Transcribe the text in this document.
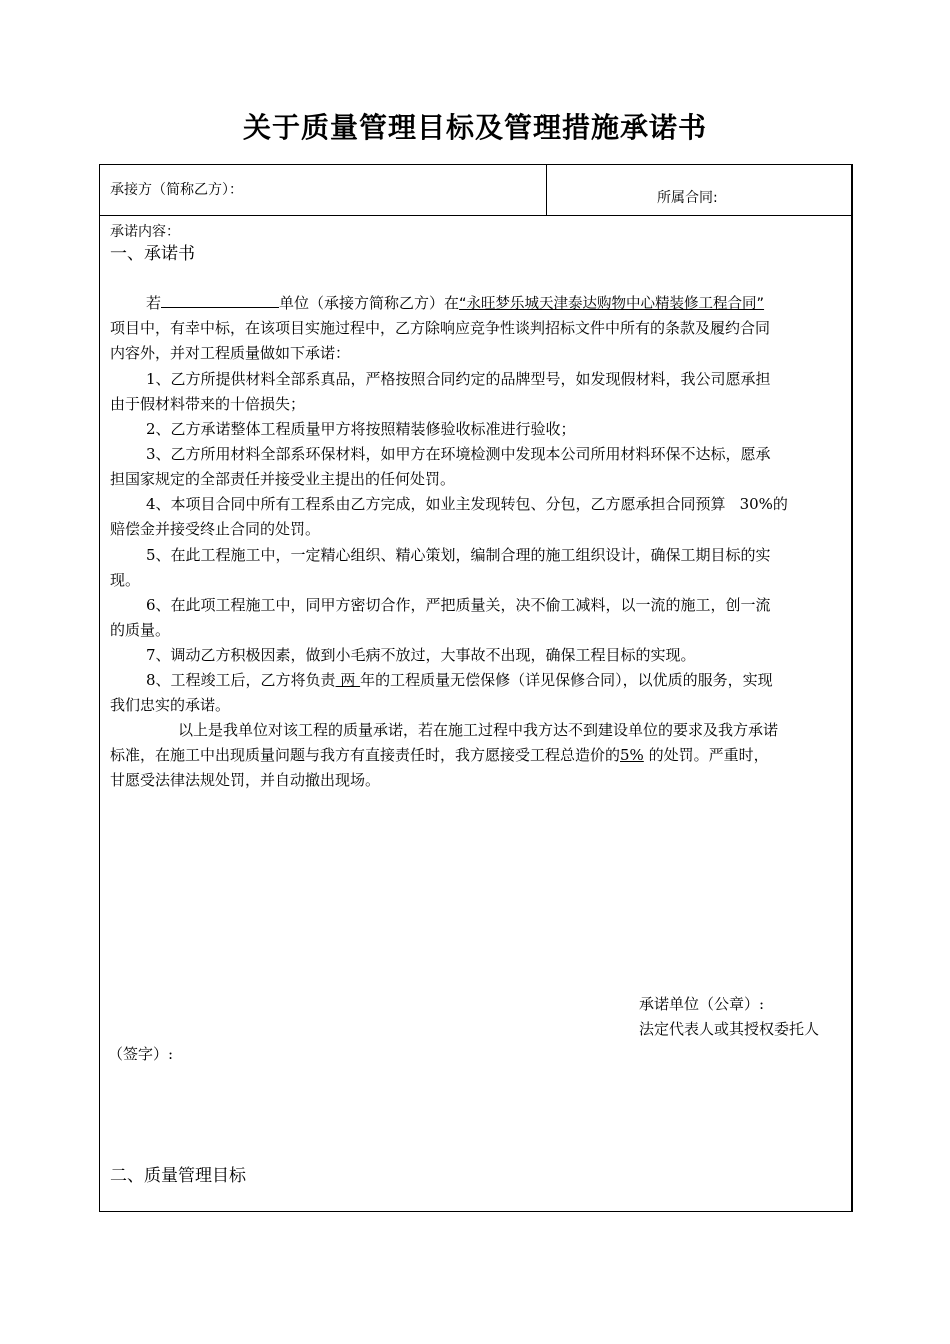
关于质量管理目标及管理措施承诺书
承接方（简称乙方）：	所属合同:
承诺内容：
一、承诺书
若	单位（承接方简称乙方）在“永旺梦乐城天津泰达购物中心精装修工程合同”
项目中，有幸中标，在该项目实施过程中，乙方除响应竞争性谈判招标文件中所有的条款及履约合同
内容外，并对工程质量做如下承诺：
1、乙方所提供材料全部系真品，严格按照合同约定的品牌型号，如发现假材料，我公司愿承担
由于假材料带来的十倍损失；
2、乙方承诺整体工程质量甲方将按照精装修验收标准进行验收；
3、乙方所用材料全部系环保材料，如甲方在环境检测中发现本公司所用材料环保不达标，愿承
担国家规定的全部责任并接受业主提出的任何处罚。
4、本项目合同中所有工程系由乙方完成，如业主发现转包、分包，乙方愿承担合同预算 30%的
赔偿金并接受终止合同的处罚。
5、在此工程施工中，一定精心组织、精心策划，编制合理的施工组织设计，确保工期目标的实
现。
6、在此项工程施工中，同甲方密切合作，严把质量关，决不偷工减料，以一流的施工，创一流
的质量。
7、调动乙方积极因素，做到小毛病不放过，大事故不出现，确保工程目标的实现。
8、工程竣工后，乙方将负责 两 年的工程质量无偿保修（详见保修合同），以优质的服务，实现
我们忠实的承诺。
以上是我单位对该工程的质量承诺，若在施工过程中我方达不到建设单位的要求及我方承诺
标准，在施工中出现质量问题与我方有直接责任时，我方愿接受工程总造价的5% 的处罚。严重时，
甘愿受法律法规处罚，并自动撤出现场。
承诺单位（公章）:
法定代表人或其授权委托人
（签字）:
二、质量管理目标
